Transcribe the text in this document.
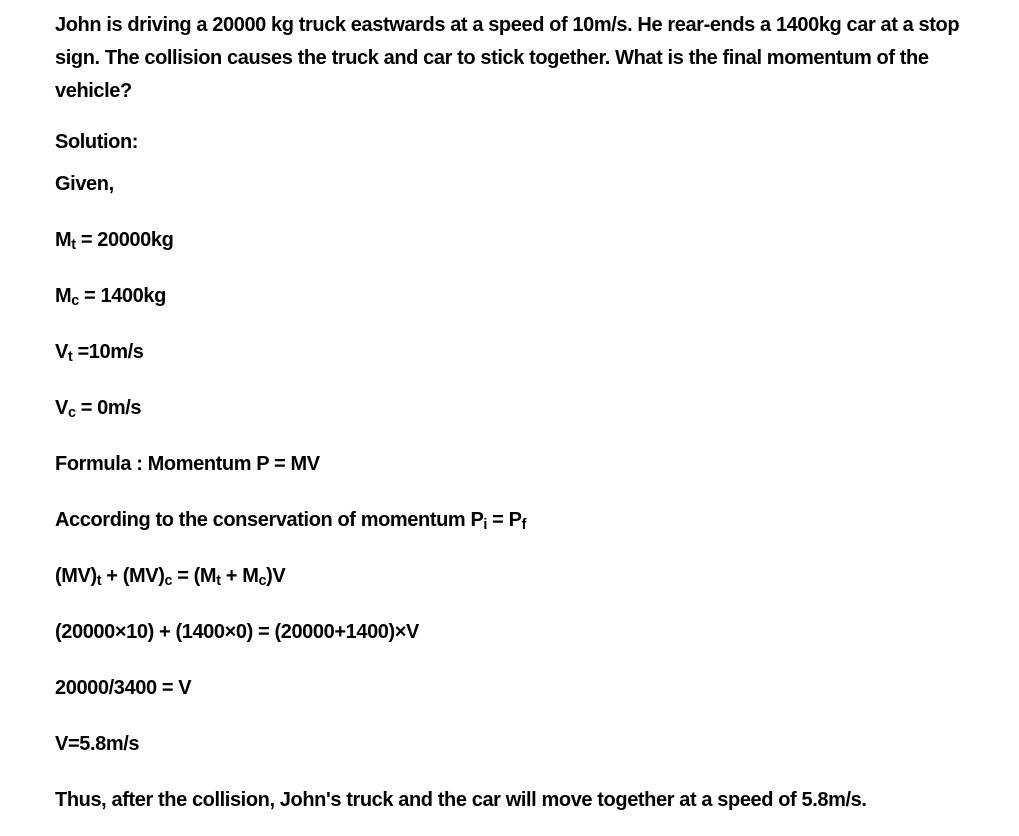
John is driving a 20000 kg truck eastwards at a speed of 10m/s. He rear-ends a 1400kg car at a stop sign. The collision causes the truck and car to stick together. What is the final momentum of the vehicle?

Solution:

Given,

$M_t = 20000kg$

$M_c = 1400kg$

$V_t =10m/s$

$V_c = 0m/s$

Formula : Momentum P = MV

According to the conservation of momentum $P_i = P_f$

$(MV)_t + (MV)_c = (M_t + M_c)V$

(20000×10) + (1400×0) = (20000+1400)×V

20000/3400 = V

V=5.8m/s

Thus, after the collision, John's truck and the car will move together at a speed of 5.8m/s.
